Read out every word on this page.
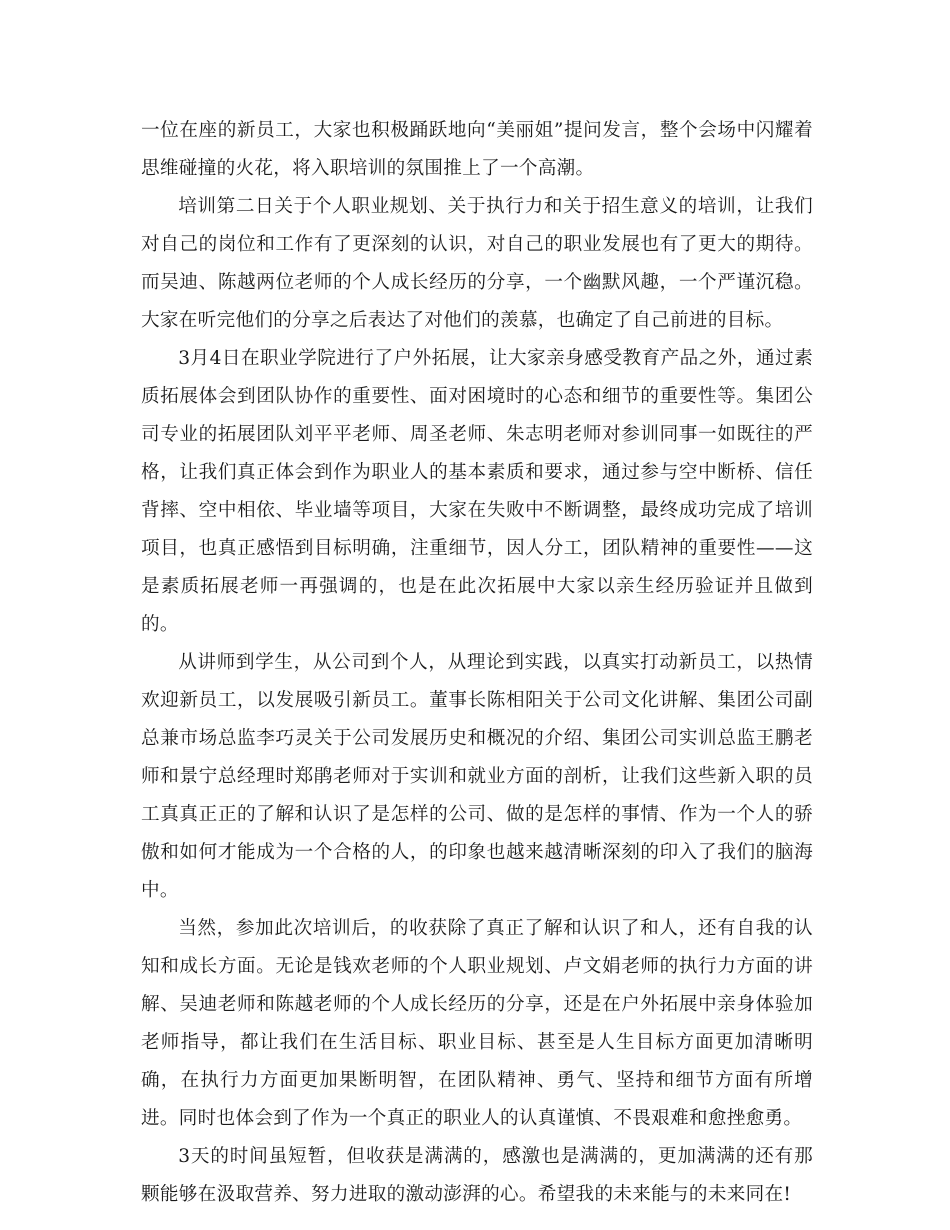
一位在座的新员工，大家也积极踊跃地向“美丽姐”提问发言，整个会场中闪耀着思维碰撞的火花，将入职培训的氛围推上了一个高潮。

培训第二日关于个人职业规划、关于执行力和关于招生意义的培训，让我们对自己的岗位和工作有了更深刻的认识，对自己的职业发展也有了更大的期待。而吴迪、陈越两位老师的个人成长经历的分享，一个幽默风趣，一个严谨沉稳。大家在听完他们的分享之后表达了对他们的羡慕，也确定了自己前进的目标。

3月4日在职业学院进行了户外拓展，让大家亲身感受教育产品之外，通过素质拓展体会到团队协作的重要性、面对困境时的心态和细节的重要性等。集团公司专业的拓展团队刘平平老师、周圣老师、朱志明老师对参训同事一如既往的严格，让我们真正体会到作为职业人的基本素质和要求，通过参与空中断桥、信任背摔、空中相依、毕业墙等项目，大家在失败中不断调整，最终成功完成了培训项目，也真正感悟到目标明确，注重细节，因人分工，团队精神的重要性——这是素质拓展老师一再强调的，也是在此次拓展中大家以亲生经历验证并且做到的。

从讲师到学生，从公司到个人，从理论到实践，以真实打动新员工，以热情欢迎新员工，以发展吸引新员工。董事长陈相阳关于公司文化讲解、集团公司副总兼市场总监李巧灵关于公司发展历史和概况的介绍、集团公司实训总监王鹏老师和景宁总经理时郑鹃老师对于实训和就业方面的剖析，让我们这些新入职的员工真真正正的了解和认识了是怎样的公司、做的是怎样的事情、作为一个人的骄傲和如何才能成为一个合格的人，的印象也越来越清晰深刻的印入了我们的脑海中。

当然，参加此次培训后，的收获除了真正了解和认识了和人，还有自我的认知和成长方面。无论是钱欢老师的个人职业规划、卢文娟老师的执行力方面的讲解、吴迪老师和陈越老师的个人成长经历的分享，还是在户外拓展中亲身体验加老师指导，都让我们在生活目标、职业目标、甚至是人生目标方面更加清晰明确，在执行力方面更加果断明智，在团队精神、勇气、坚持和细节方面有所增进。同时也体会到了作为一个真正的职业人的认真谨慎、不畏艰难和愈挫愈勇。

3天的时间虽短暂，但收获是满满的，感激也是满满的，更加满满的还有那颗能够在汲取营养、努力进取的激动澎湃的心。希望我的未来能与的未来同在!
